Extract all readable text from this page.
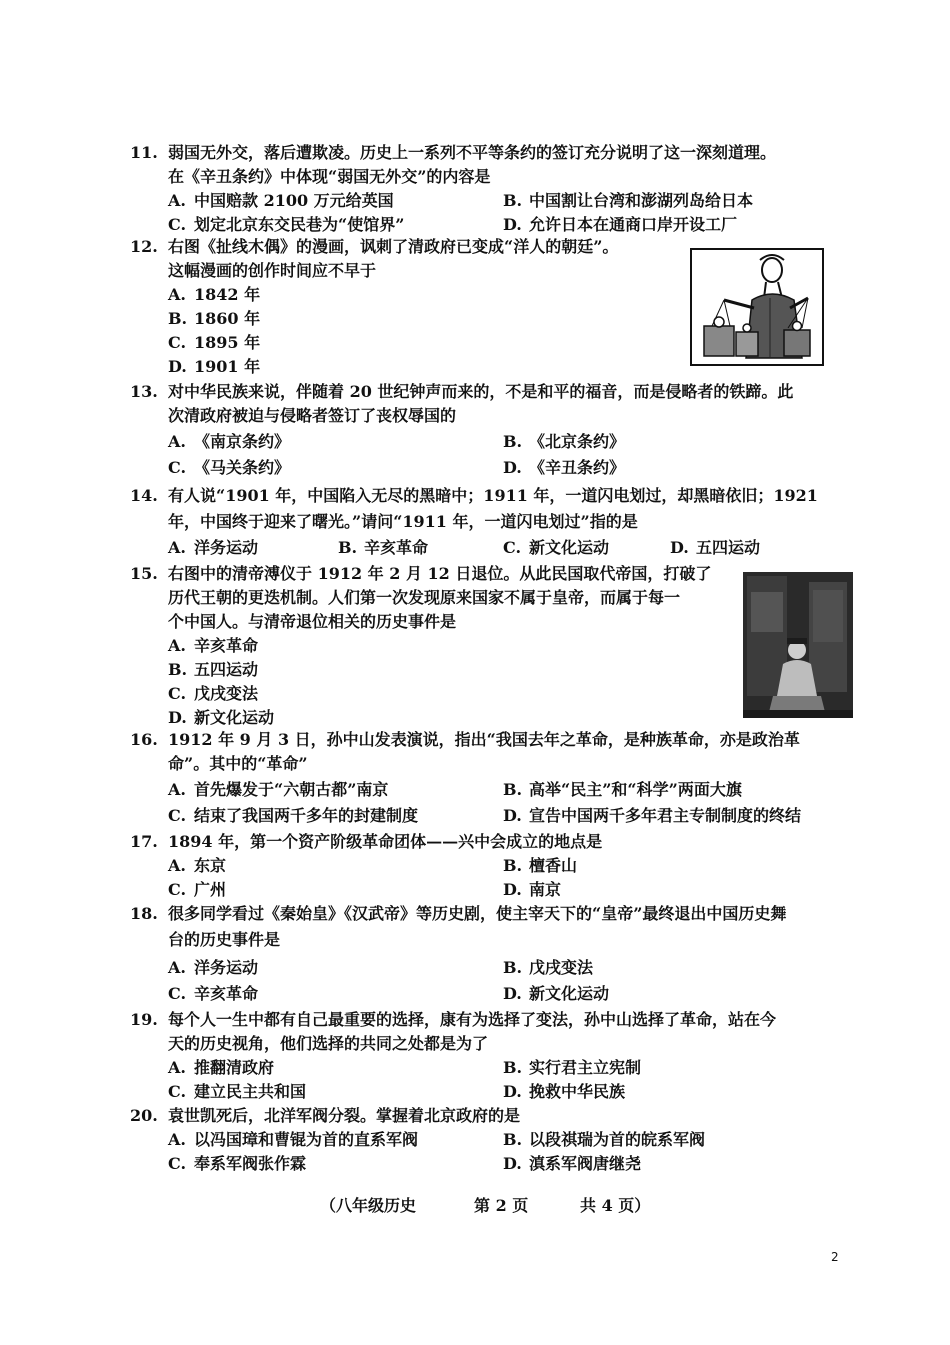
11. 弱国无外交，落后遭欺凌。历史上一系列不平等条约的签订充分说明了这一深刻道理。
在《辛丑条约》中体现“弱国无外交”的内容是
A. 中国赔款 2100 万元给英国	B. 中国割让台湾和澎湖列岛给日本
C. 划定北京东交民巷为“使馆界”	D. 允许日本在通商口岸开设工厂
12. 右图《扯线木偶》的漫画，讽刺了清政府已变成“洋人的朝廷”。
这幅漫画的创作时间应不早于
A. 1842 年
B. 1860 年
C. 1895 年
D. 1901 年
13. 对中华民族来说，伴随着 20 世纪钟声而来的，不是和平的福音，而是侵略者的铁蹄。此
次清政府被迫与侵略者签订了丧权辱国的
A. 《南京条约》	B. 《北京条约》
C. 《马关条约》	D. 《辛丑条约》
14. 有人说“1901 年，中国陷入无尽的黑暗中；1911 年，一道闪电划过，却黑暗依旧；1921
年，中国终于迎来了曙光。”请问“1911 年，一道闪电划过”指的是
A. 洋务运动	B. 辛亥革命	C. 新文化运动	D. 五四运动
15. 右图中的清帝溥仪于 1912 年 2 月 12 日退位。从此民国取代帝国，打破了
历代王朝的更迭机制。人们第一次发现原来国家不属于皇帝，而属于每一
个中国人。与清帝退位相关的历史事件是
A. 辛亥革命
B. 五四运动
C. 戊戌变法
D. 新文化运动
16. 1912 年 9 月 3 日，孙中山发表演说，指出“我国去年之革命，是种族革命，亦是政治革
命”。其中的“革命”
A. 首先爆发于“六朝古都”南京	B. 高举“民主”和“科学”两面大旗
C. 结束了我国两千多年的封建制度	D. 宣告中国两千多年君主专制制度的终结
17. 1894 年，第一个资产阶级革命团体——兴中会成立的地点是
A. 东京	B. 檀香山
C. 广州	D. 南京
18. 很多同学看过《秦始皇》《汉武帝》等历史剧，使主宰天下的“皇帝”最终退出中国历史舞
台的历史事件是
A. 洋务运动	B. 戊戌变法
C. 辛亥革命	D. 新文化运动
19. 每个人一生中都有自己最重要的选择，康有为选择了变法，孙中山选择了革命，站在今
天的历史视角，他们选择的共同之处都是为了
A. 推翻清政府	B. 实行君主立宪制
C. 建立民主共和国	D. 挽救中华民族
20. 袁世凯死后，北洋军阀分裂。掌握着北京政府的是
A. 以冯国璋和曹锟为首的直系军阀	B. 以段祺瑞为首的皖系军阀
C. 奉系军阀张作霖	D. 滇系军阀唐继尧
（八年级历史	第 2 页	共 4 页）
2
